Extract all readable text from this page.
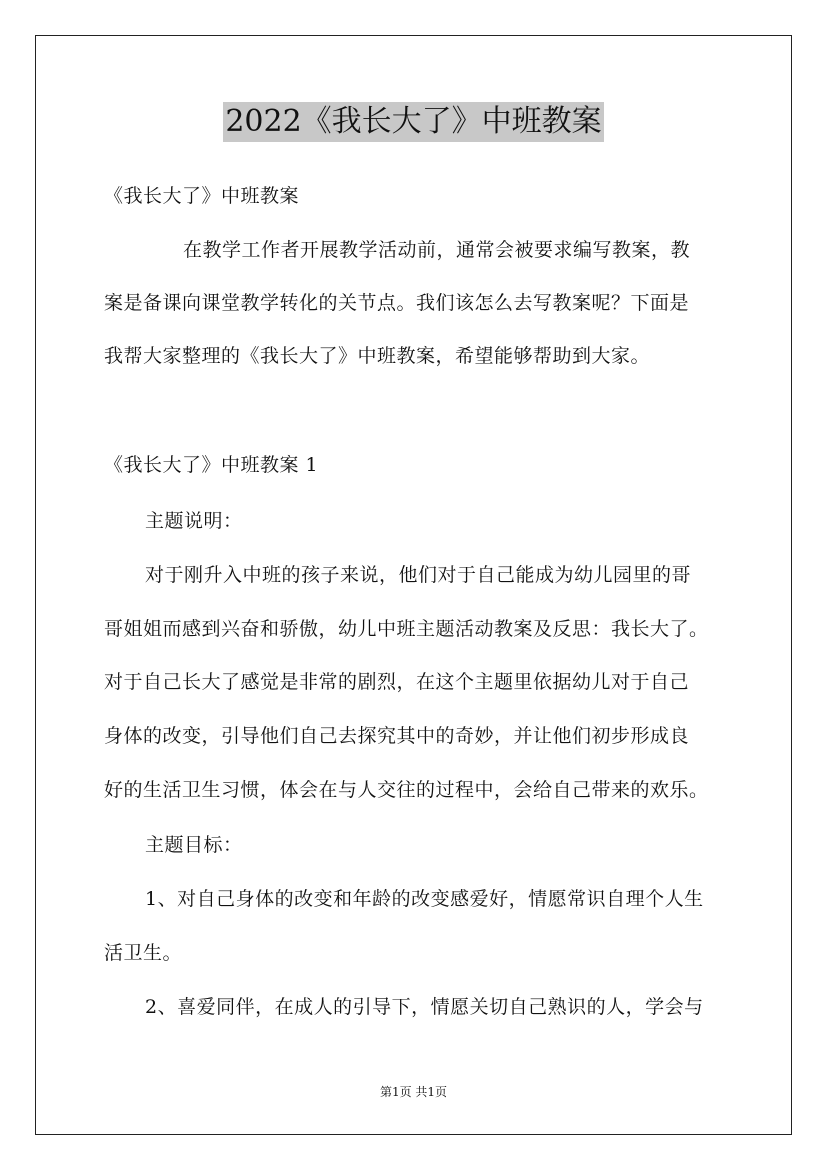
2022《我长大了》中班教案
《我长大了》中班教案
在教学工作者开展教学活动前，通常会被要求编写教案，教
案是备课向课堂教学转化的关节点。我们该怎么去写教案呢？下面是
我帮大家整理的《我长大了》中班教案，希望能够帮助到大家。
《我长大了》中班教案 1
主题说明：
对于刚升入中班的孩子来说，他们对于自己能成为幼儿园里的哥
哥姐姐而感到兴奋和骄傲，幼儿中班主题活动教案及反思：我长大了。
对于自己长大了感觉是非常的剧烈，在这个主题里依据幼儿对于自己
身体的改变，引导他们自己去探究其中的奇妙，并让他们初步形成良
好的生活卫生习惯，体会在与人交往的过程中，会给自己带来的欢乐。
主题目标：
1、对自己身体的改变和年龄的改变感爱好，情愿常识自理个人生
活卫生。
2、喜爱同伴，在成人的引导下，情愿关切自己熟识的人，学会与
第1页 共1页
